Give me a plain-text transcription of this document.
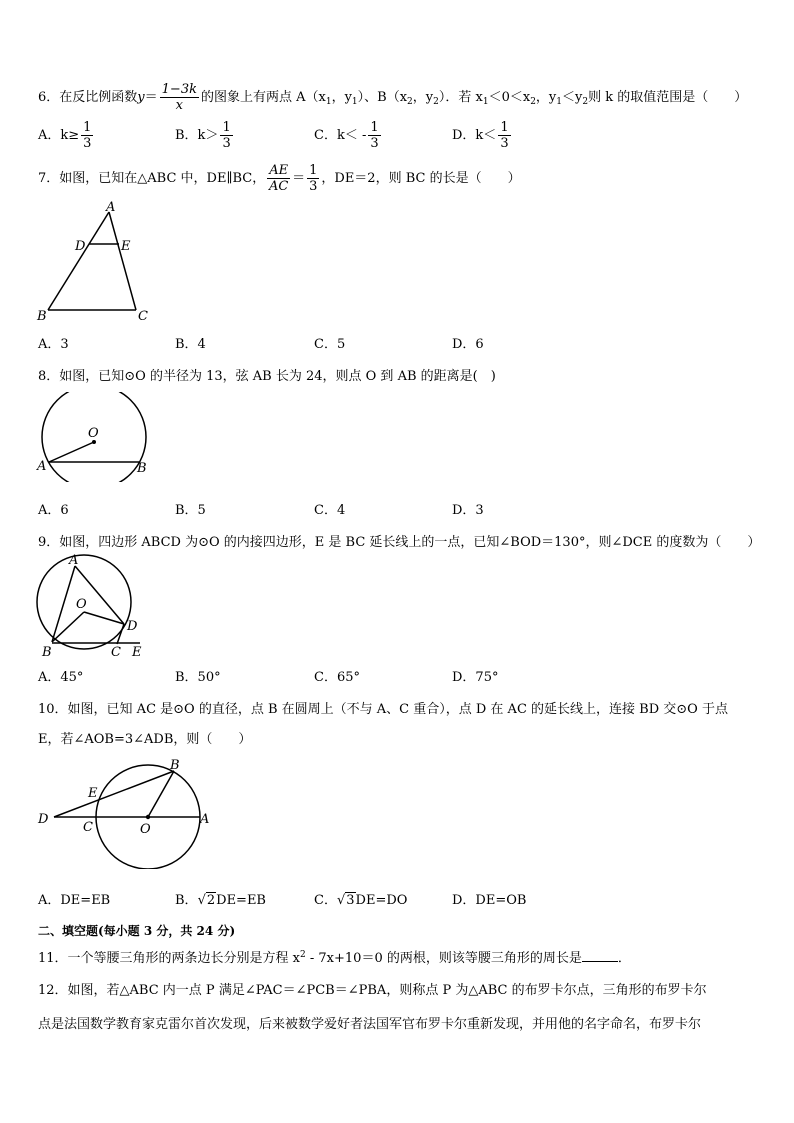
6．在反比例函数$y= \frac{1-3k}{x}$ 的图象上有两点 $A(x_1$，$y_1$）、$B(x_2$，$y_2$）．若 $x_1<0<x_2$，$y_1<y_2$则 k 的取值范围是（　　）
A．$k\ge \frac{1}{3}$	B．$k> \frac{1}{3}$	C．$k< - \frac{1}{3}$	D．$k< \frac{1}{3}$
7．如图，已知在△ABC 中，DE∥BC， $\frac{AE}{AC} = \frac{1}{3}$ ，DE＝2，则 BC 的长是（　　）
A
D	E
B	C
A．3	B．4	C．5	D．6
8．如图，已知⊙O 的半径为 13，弦 AB 长为 24，则点 O 到 AB 的距离是(　)
O
A	B
A．6	B．5	C．4	D．3
9．如图，四边形 ABCD 为⊙O 的内接四边形，E 是 BC 延长线上的一点，已知∠BOD＝130°，则∠DCE 的度数为（　　）
A
O
D
B	C E
A．45°	B．50°	C．65°	D．75°
10．如图，已知 AC 是⊙O 的直径，点 B 在圆周上（不与 A、C 重合），点 D 在 AC 的延长线上，连接 BD 交⊙O 于点
E，若∠AOB=3∠ADB，则（　　）
B
E
D
C	O
A
A．DE=EB	B．√2DE=EB	C．√3DE=DO	D．DE=OB
二、填空题(每小题 3 分，共 24 分)
11．一个等腰三角形的两条边长分别是方程 $x^2 - 7x+10=0$ 的两根，则该等腰三角形的周长是	．
12．如图，若△ABC 内一点 P 满足∠PAC＝∠PCB＝∠PBA，则称点 P 为△ABC 的布罗卡尔点，三角形的布罗卡尔
点是法国数学教育家克雷尔首次发现，后来被数学爱好者法国军官布罗卡尔重新发现，并用他的名字命名，布罗卡尔
